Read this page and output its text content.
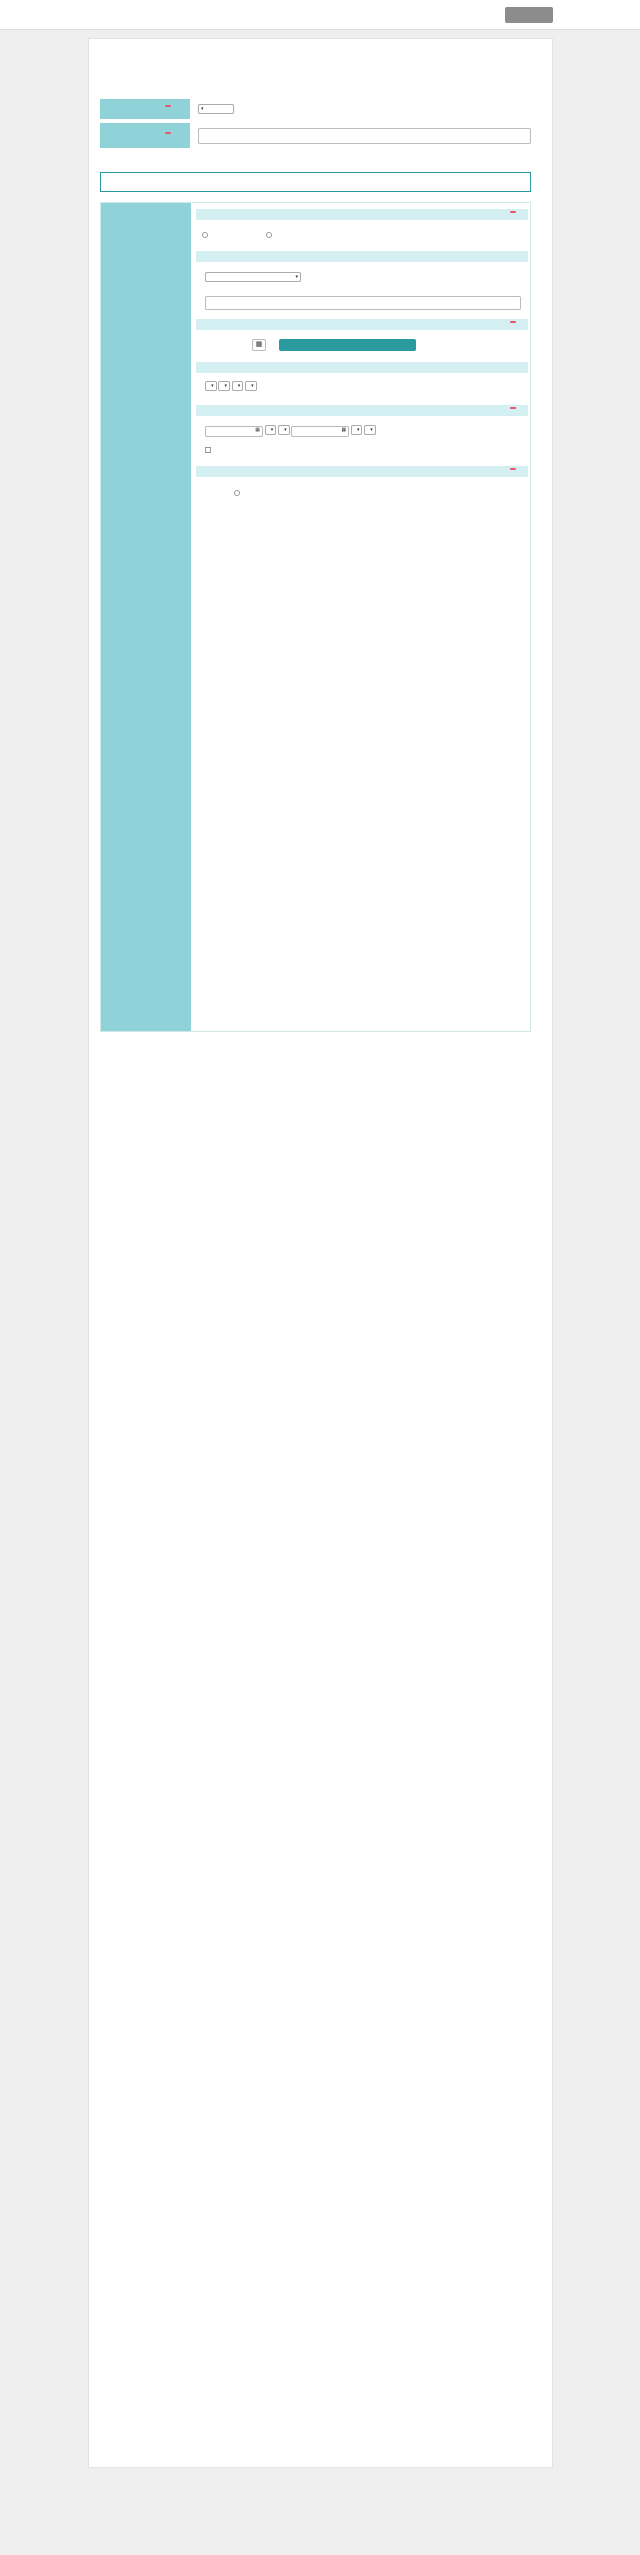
▾
▾
▦
▾   ▾   ▾   ▾
▦   ▾   ▾	▦   ▾   ▾
